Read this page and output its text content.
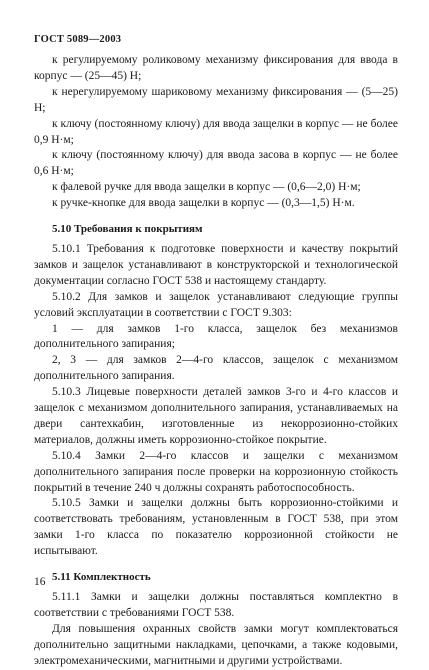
ГОСТ 5089—2003

к регулируемому роликовому механизму фиксирования для ввода в корпус — (25—45) Н;

к нерегулируемому шариковому механизму фиксирования — (5—25) Н;

к ключу (постоянному ключу) для ввода защелки в корпус — не более 0,9 Н·м;

к ключу (постоянному ключу) для ввода засова в корпус — не более 0,6 Н·м;

к фалевой ручке для ввода защелки в корпус — (0,6—2,0) Н·м;

к ручке-кнопке для ввода защелки в корпус — (0,3—1,5) Н·м.

5.10 Требования к покрытиям

5.10.1 Требования к подготовке поверхности и качеству покрытий замков и защелок устанавливают в конструкторской и технологической документации согласно ГОСТ 538 и настоящему стандарту.

5.10.2 Для замков и защелок устанавливают следующие группы условий эксплуатации в соответствии с ГОСТ 9.303:

1 — для замков 1-го класса, защелок без механизмов дополнительного запирания;

2, 3 — для замков 2—4-го классов, защелок с механизмом дополнительного запирания.

5.10.3 Лицевые поверхности деталей замков 3-го и 4-го классов и защелок с механизмом дополнительного запирания, устанавливаемых на двери сантехкабин, изготовленные из некоррозионно-стойких материалов, должны иметь коррозионно-стойкое покрытие.

5.10.4 Замки 2—4-го классов и защелки с механизмом дополнительного запирания после проверки на коррозионную стойкость покрытий в течение 240 ч должны сохранять работоспособность.

5.10.5 Замки и защелки должны быть коррозионно-стойкими и соответствовать требованиям, установленным в ГОСТ 538, при этом замки 1-го класса по показателю коррозионной стойкости не испытывают.

5.11 Комплектность

5.11.1 Замки и защелки должны поставляться комплектно в соответствии с требованиями ГОСТ 538.

Для повышения охранных свойств замки могут комплектоваться дополнительно защитными накладками, цепочками, а также кодовыми, электромеханическими, магнитными и другими устройствами.

16
